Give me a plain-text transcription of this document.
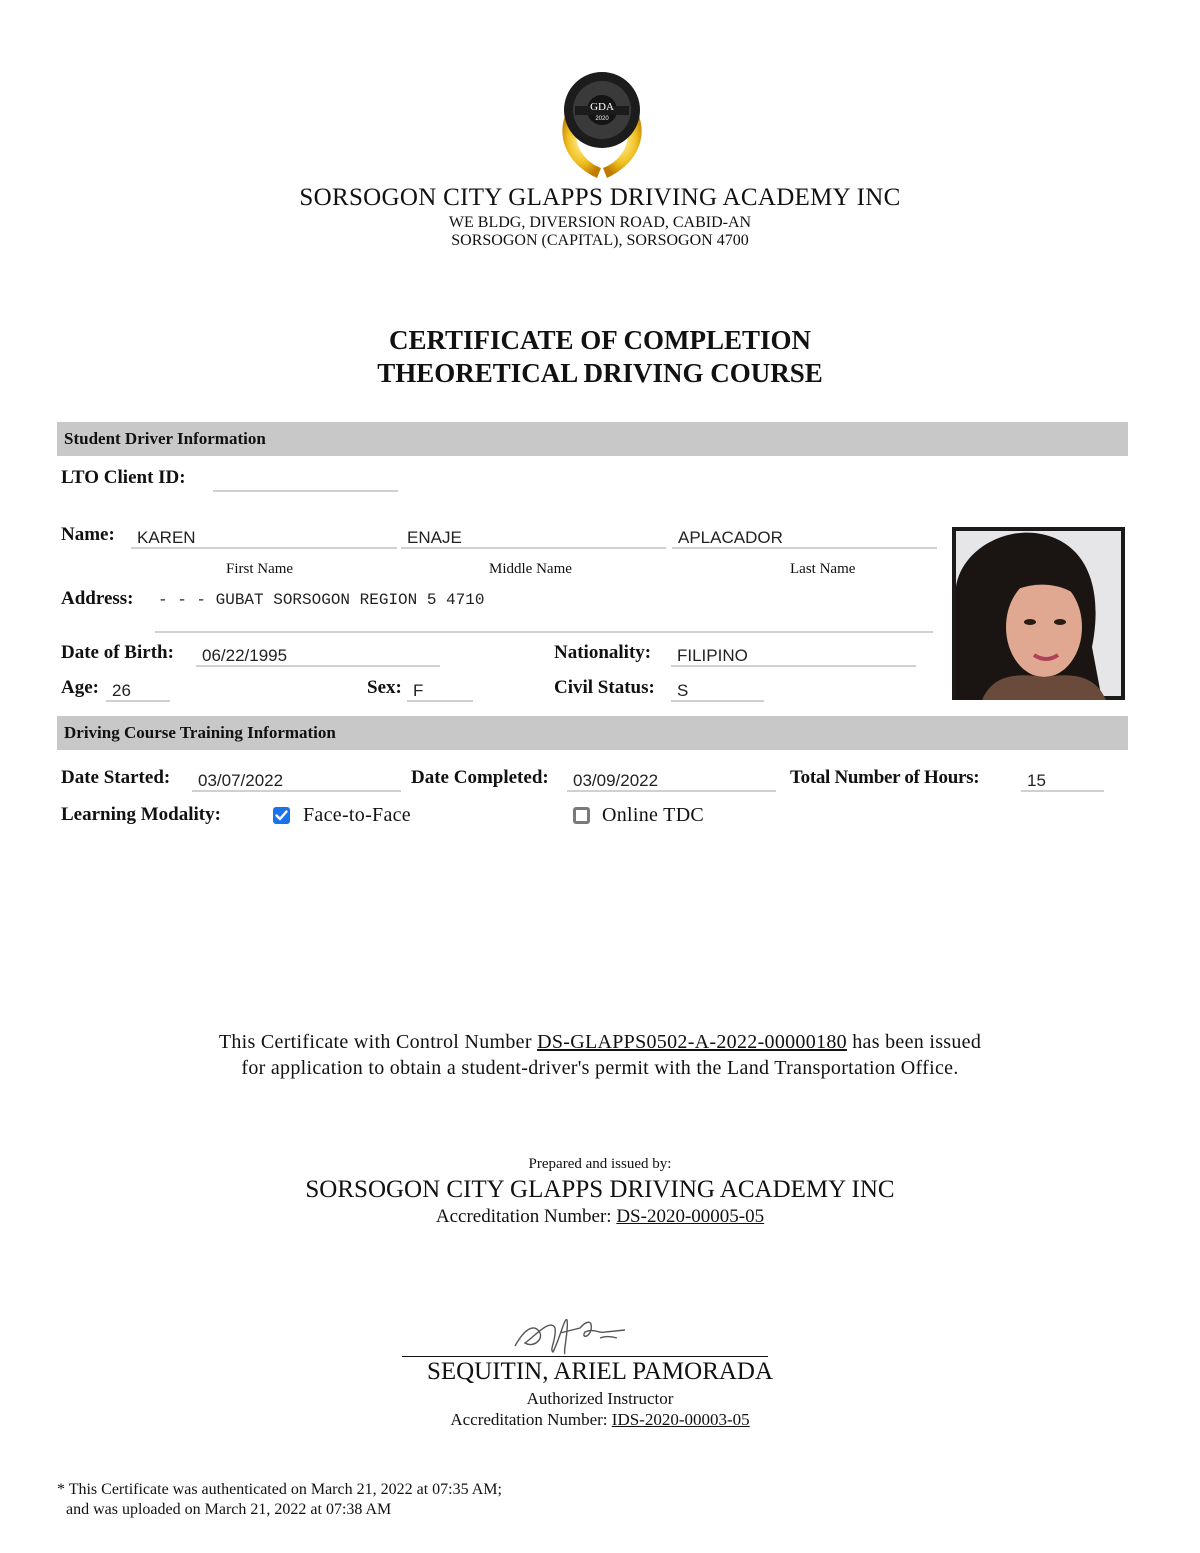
GDA
2020
SORSOGON CITY GLAPPS DRIVING ACADEMY INC
WE BLDG, DIVERSION ROAD, CABID-AN
SORSOGON (CAPITAL), SORSOGON 4700
CERTIFICATE OF COMPLETION
THEORETICAL DRIVING COURSE
Student Driver Information
LTO Client ID:
Name:	KAREN	ENAJE	APLACADOR
First Name	Middle Name	Last Name
Address: - - - GUBAT SORSOGON REGION 5 4710
Date of Birth:	06/22/1995	Nationality:	FILIPINO
Age: 26	Sex: F	Civil Status:	S
Driving Course Training Information
Date Started:	03/07/2022	Date Completed:	03/09/2022	Total Number of Hours:	15
Learning Modality:	Face-to-Face	Online TDC
This Certificate with Control Number DS-GLAPPS0502-A-2022-00000180 has been issued
for application to obtain a student-driver's permit with the Land Transportation Office.
Prepared and issued by:
SORSOGON CITY GLAPPS DRIVING ACADEMY INC
Accreditation Number: DS-2020-00005-05
SEQUITIN, ARIEL PAMORADA
Authorized Instructor
Accreditation Number: IDS-2020-00003-05
* This Certificate was authenticated on March 21, 2022 at 07:35 AM;
and was uploaded on March 21, 2022 at 07:38 AM
